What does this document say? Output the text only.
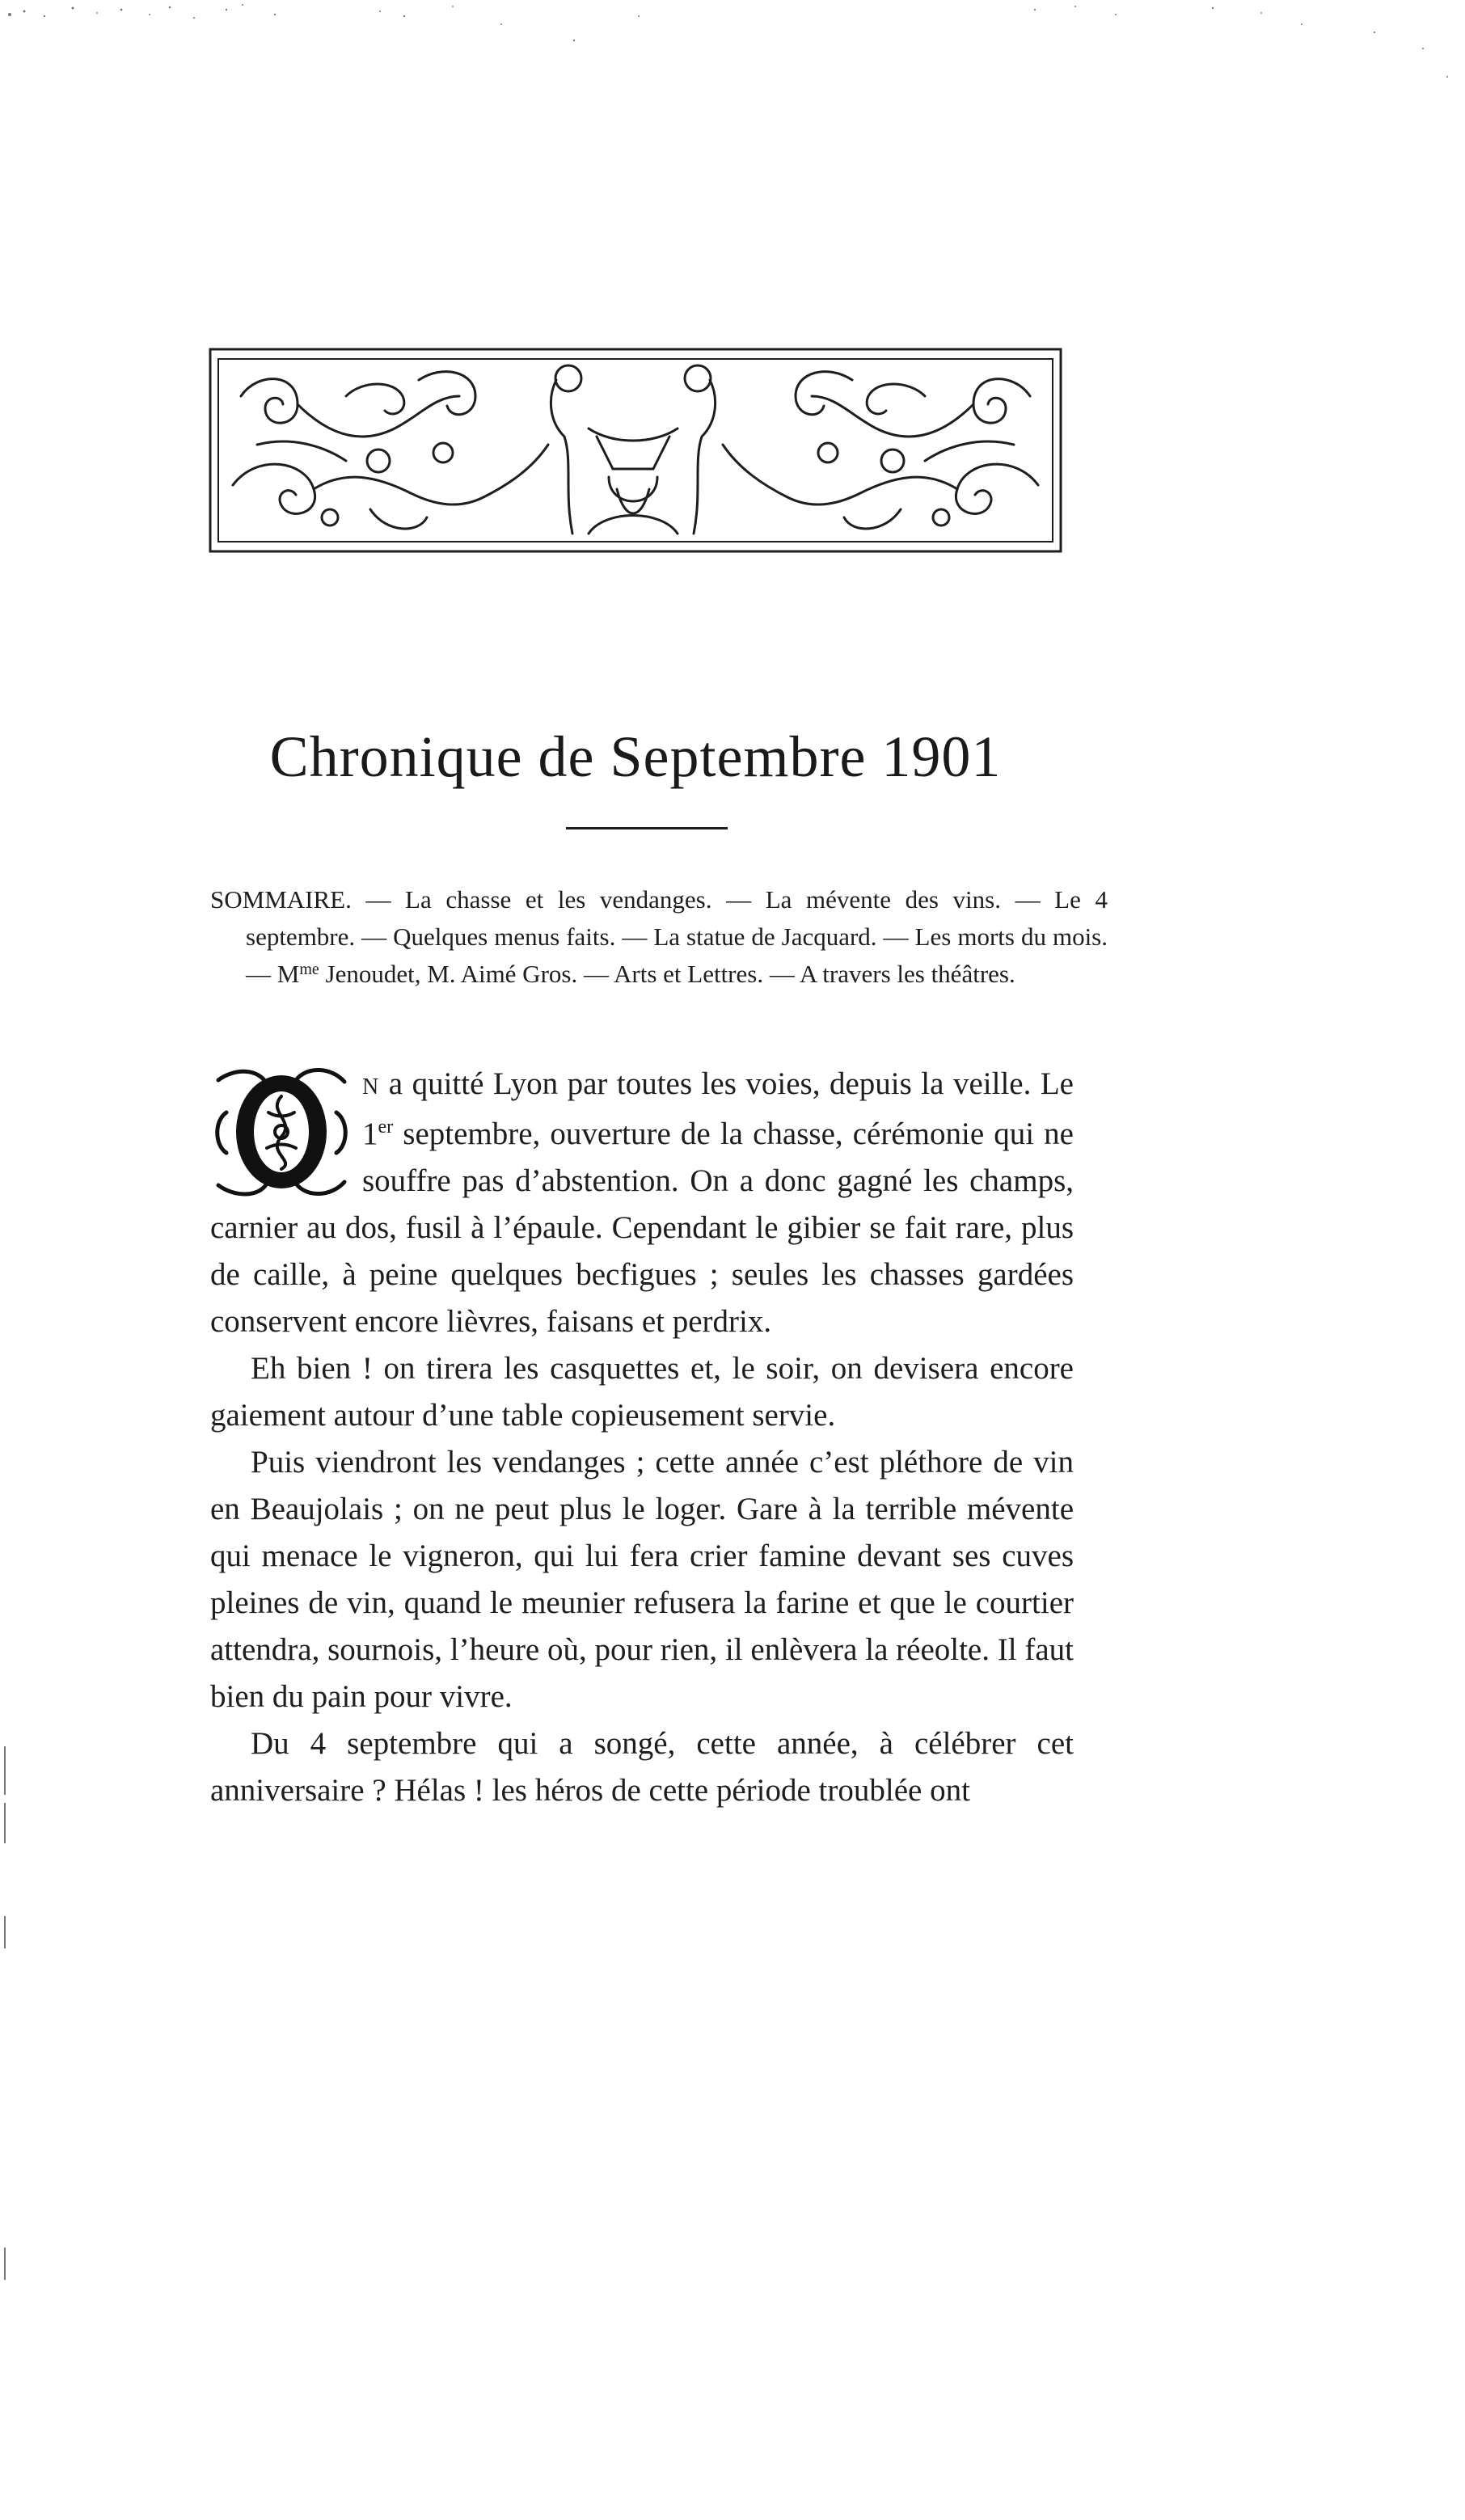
Chronique de Septembre 1901

SOMMAIRE. — La chasse et les vendanges. — La mévente des vins. — Le 4 septembre. — Quelques menus faits. — La statue de Jacquard. — Les morts du mois. — $M^{me}$ Jenoudet, M. Aimé Gros. — Arts et Lettres. — A travers les théâtres.

N a quitté Lyon par toutes les voies, depuis la veille. Le 1er septembre, ouverture de la chasse, cérémonie qui ne souffre pas d’abstention. On a donc gagné les champs, carnier au dos, fusil à l’épaule. Cependant le gibier se fait rare, plus de caille, à peine quelques becfigues ; seules les chasses gardées conservent encore lièvres, faisans et perdrix.

Eh bien ! on tirera les casquettes et, le soir, on devisera encore gaiement autour d’une table copieusement servie.

Puis viendront les vendanges ; cette année c’est pléthore de vin en Beaujolais ; on ne peut plus le loger. Gare à la terrible mévente qui menace le vigneron, qui lui fera crier famine devant ses cuves pleines de vin, quand le meunier refusera la farine et que le courtier attendra, sournois, l’heure où, pour rien, il enlèvera la réeolte. Il faut bien du pain pour vivre.

Du 4 septembre qui a songé, cette année, à célébrer cet anniversaire ? Hélas ! les héros de cette période troublée ont
